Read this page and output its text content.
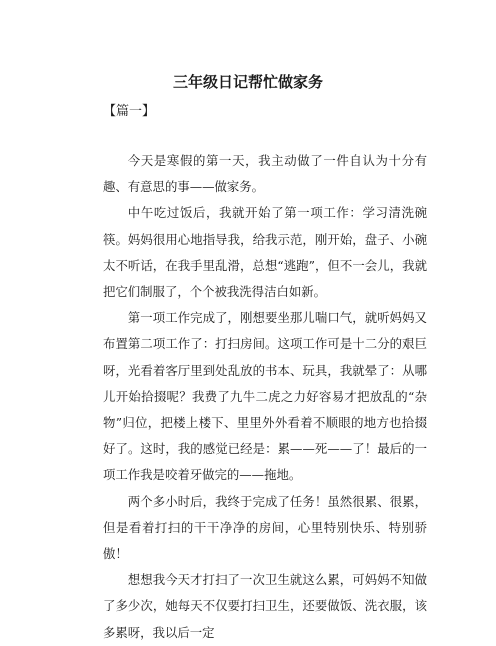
三年级日记帮忙做家务
【篇一】

今天是寒假的第一天，我主动做了一件自认为十分有趣、有意思的事——做家务。

中午吃过饭后，我就开始了第一项工作：学习清洗碗筷。妈妈很用心地指导我，给我示范，刚开始，盘子、小碗太不听话，在我手里乱滑，总想“逃跑”，但不一会儿，我就把它们制服了，个个被我洗得洁白如新。

第一项工作完成了，刚想要坐那儿喘口气，就听妈妈又布置第二项工作了：打扫房间。这项工作可是十二分的艰巨呀，光看着客厅里到处乱放的书本、玩具，我就晕了：从哪儿开始拾掇呢？我费了九牛二虎之力好容易才把放乱的“杂物”归位，把楼上楼下、里里外外看着不顺眼的地方也拾掇好了。这时，我的感觉已经是：累——死——了！最后的一项工作我是咬着牙做完的——拖地。

两个多小时后，我终于完成了任务！虽然很累、很累，但是看着打扫的干干净净的房间，心里特别快乐、特别骄傲！

想想我今天才打扫了一次卫生就这么累，可妈妈不知做了多少次，她每天不仅要打扫卫生，还要做饭、洗衣服，该多累呀，我以后一定
